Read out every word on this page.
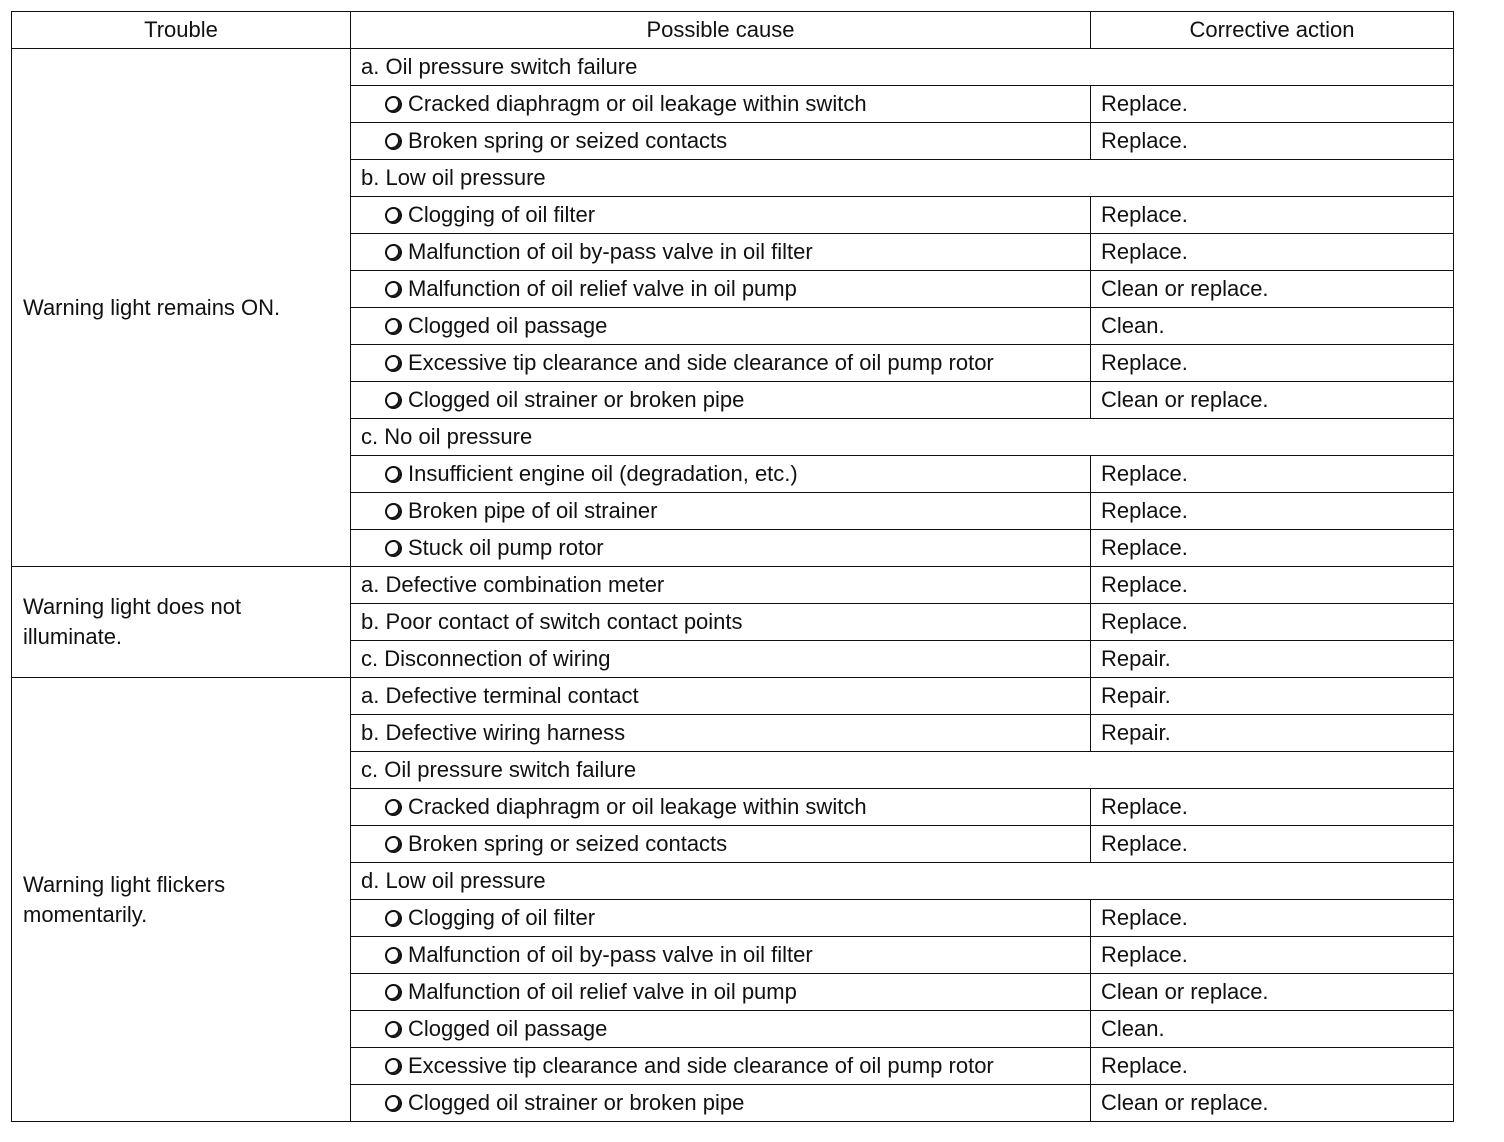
Trouble	Possible cause	Corrective action
Warning light remains ON.	a. Oil pressure switch failure	
	Cracked diaphragm or oil leakage within switch	Replace.
	Broken spring or seized contacts	Replace.
	b. Low oil pressure	
	Clogging of oil filter	Replace.
	Malfunction of oil by-pass valve in oil filter	Replace.
	Malfunction of oil relief valve in oil pump	Clean or replace.
	Clogged oil passage	Clean.
	Excessive tip clearance and side clearance of oil pump rotor	Replace.
	Clogged oil strainer or broken pipe	Clean or replace.
	c. No oil pressure	
	Insufficient engine oil (degradation, etc.)	Replace.
	Broken pipe of oil strainer	Replace.
	Stuck oil pump rotor	Replace.
Warning light does not illuminate.	a. Defective combination meter	Replace.
	b. Poor contact of switch contact points	Replace.
	c. Disconnection of wiring	Repair.
Warning light flickers momentarily.	a. Defective terminal contact	Repair.
	b. Defective wiring harness	Repair.
	c. Oil pressure switch failure	
	Cracked diaphragm or oil leakage within switch	Replace.
	Broken spring or seized contacts	Replace.
	d. Low oil pressure	
	Clogging of oil filter	Replace.
	Malfunction of oil by-pass valve in oil filter	Replace.
	Malfunction of oil relief valve in oil pump	Clean or replace.
	Clogged oil passage	Clean.
	Excessive tip clearance and side clearance of oil pump rotor	Replace.
	Clogged oil strainer or broken pipe	Clean or replace.
